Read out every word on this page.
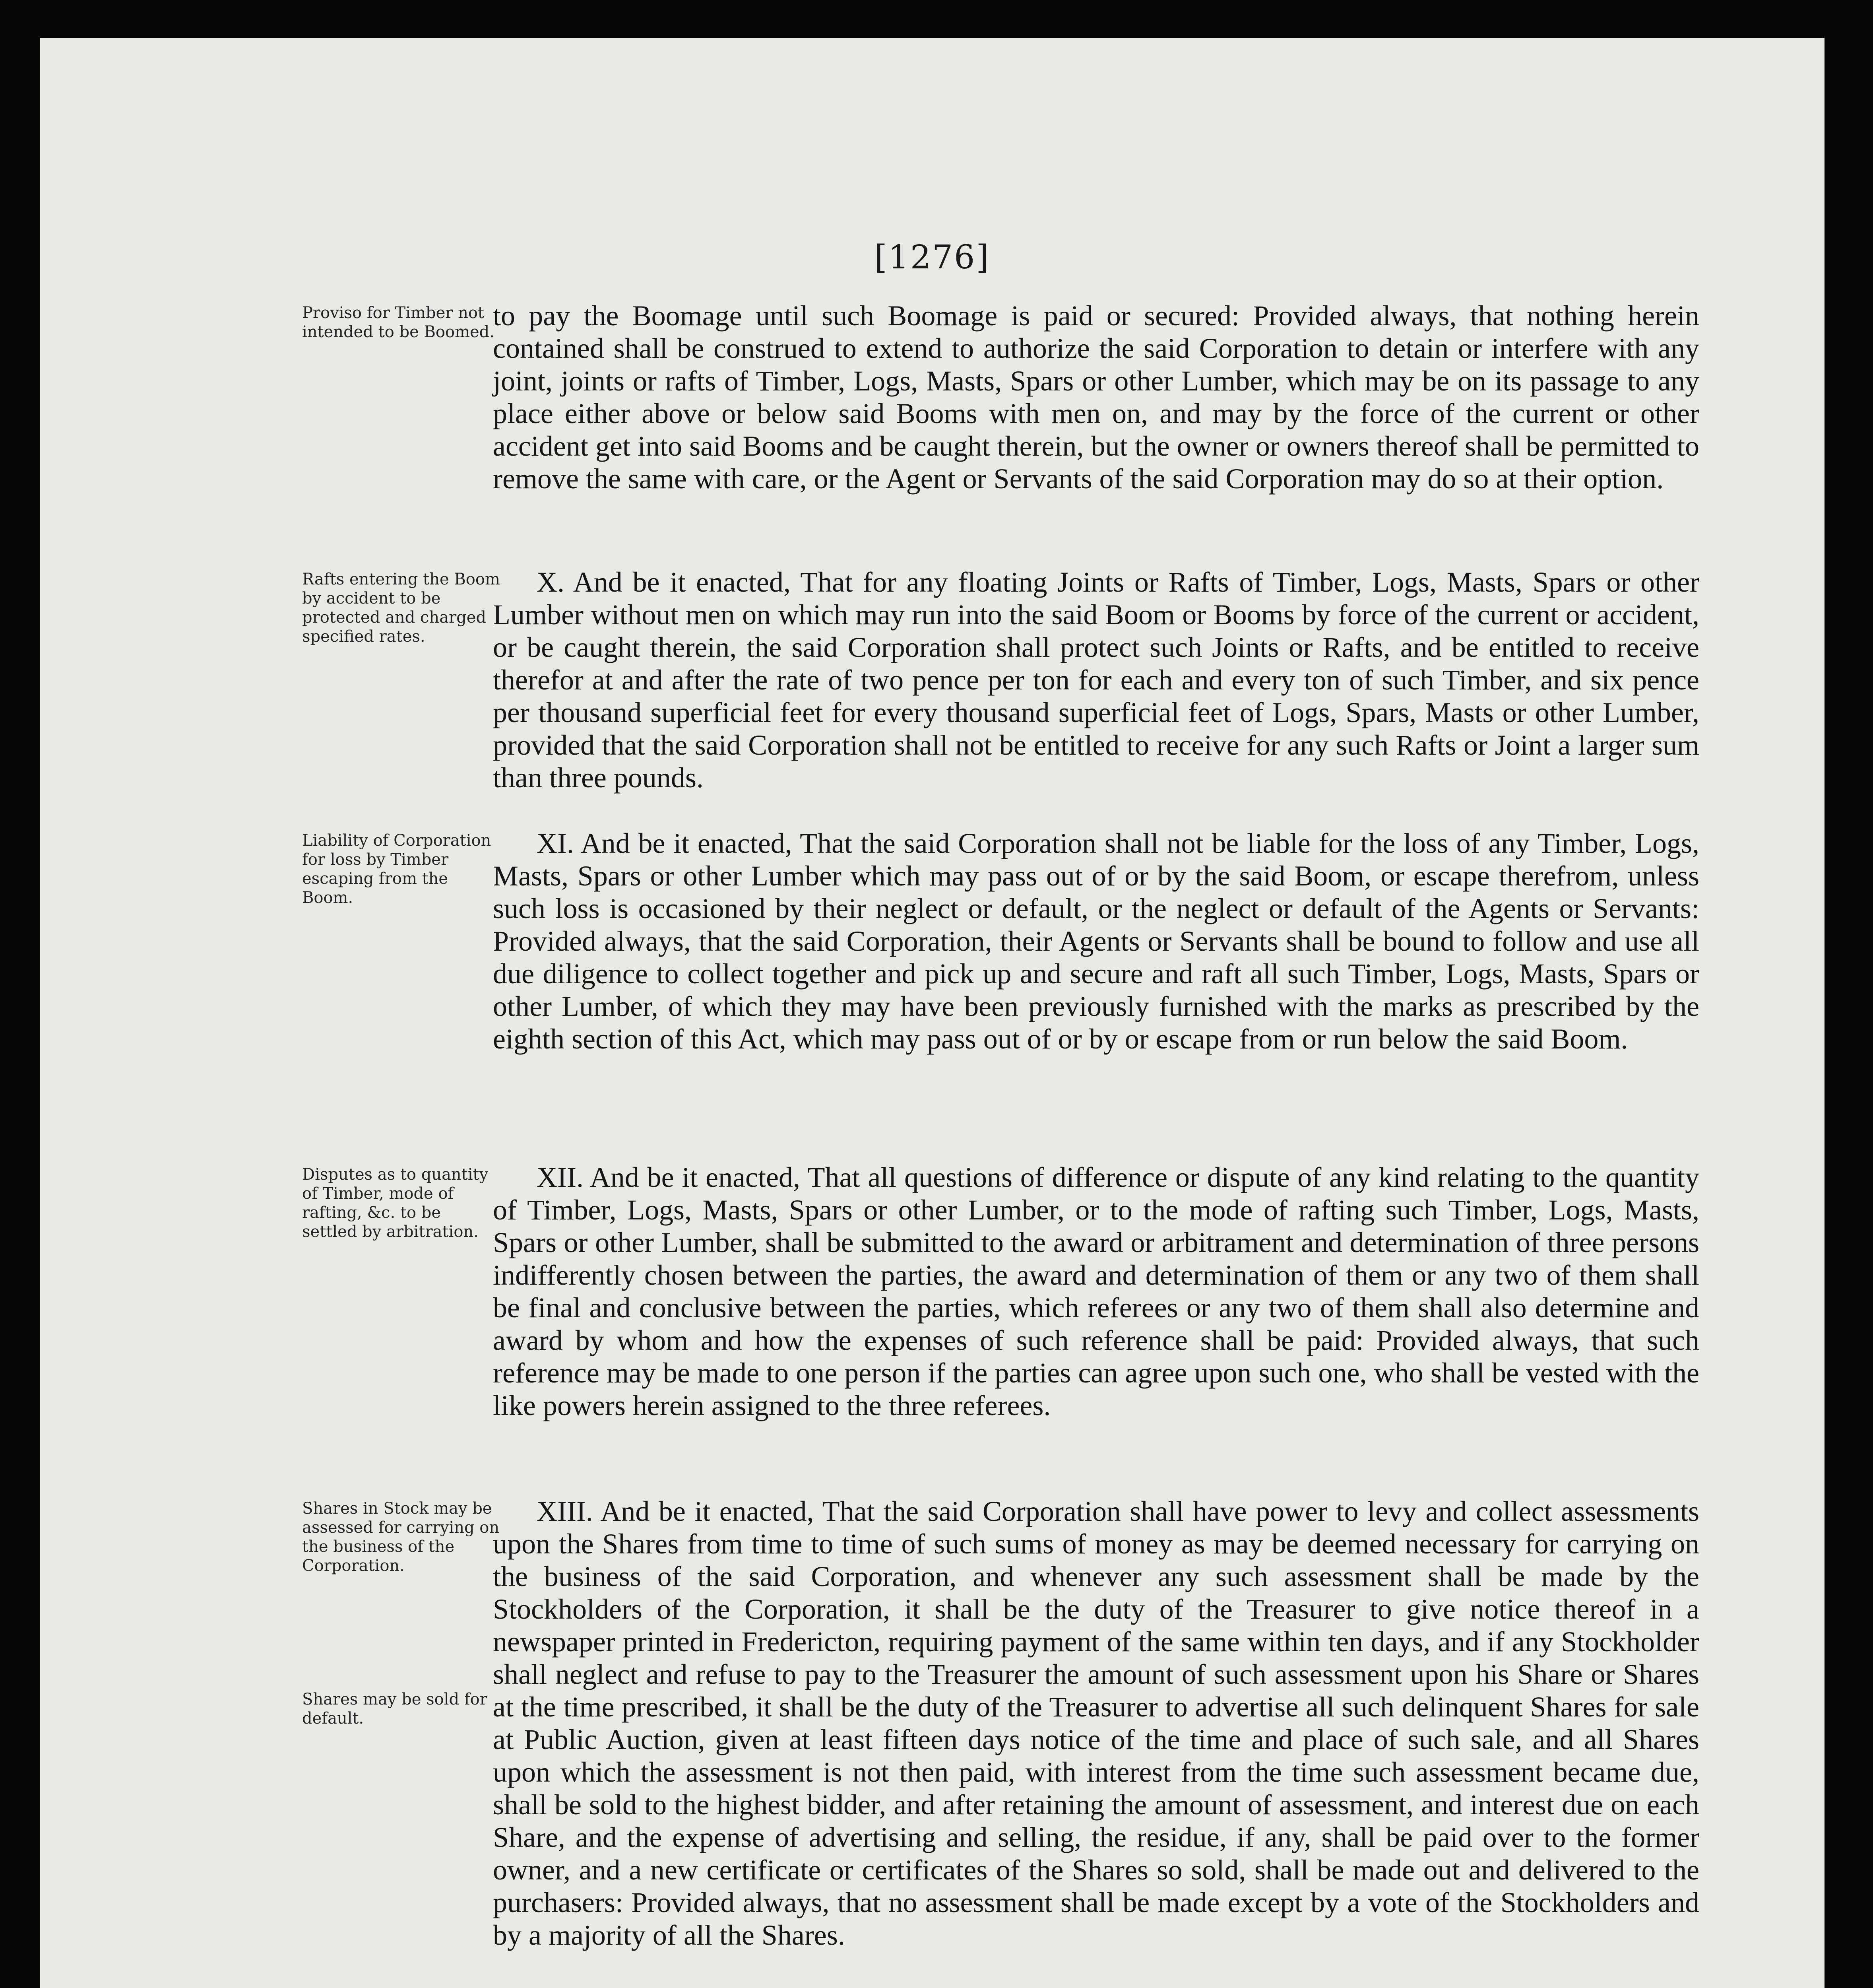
[1276]
Proviso for Timber not intended to be Boomed.

to pay the Boomage until such Boomage is paid or secured: Provided always, that nothing herein contained shall be construed to extend to authorize the said Corporation to detain or interfere with any joint, joints or rafts of Timber, Logs, Masts, Spars or other Lumber, which may be on its passage to any place either above or below said Booms with men on, and may by the force of the current or other accident get into said Booms and be caught therein, but the owner or owners thereof shall be permitted to remove the same with care, or the Agent or Servants of the said Corporation may do so at their option.

Rafts entering the Boom by accident to be protected and charged specified rates.

X. And be it enacted, That for any floating Joints or Rafts of Timber, Logs, Masts, Spars or other Lumber without men on which may run into the said Boom or Booms by force of the current or accident, or be caught therein, the said Corporation shall protect such Joints or Rafts, and be entitled to receive therefor at and after the rate of two pence per ton for each and every ton of such Timber, and six pence per thousand superficial feet for every thousand superficial feet of Logs, Spars, Masts or other Lumber, provided that the said Corporation shall not be entitled to receive for any such Rafts or Joint a larger sum than three pounds.

Liability of Corporation for loss by Timber escaping from the Boom.

XI. And be it enacted, That the said Corporation shall not be liable for the loss of any Timber, Logs, Masts, Spars or other Lumber which may pass out of or by the said Boom, or escape therefrom, unless such loss is occasioned by their neglect or default, or the neglect or default of the Agents or Servants: Provided always, that the said Corporation, their Agents or Servants shall be bound to follow and use all due diligence to collect together and pick up and secure and raft all such Timber, Logs, Masts, Spars or other Lumber, of which they may have been previously furnished with the marks as prescribed by the eighth section of this Act, which may pass out of or by or escape from or run below the said Boom.

Disputes as to quantity of Timber, mode of rafting, &c. to be settled by arbitration.

XII. And be it enacted, That all questions of difference or dispute of any kind relating to the quantity of Timber, Logs, Masts, Spars or other Lumber, or to the mode of rafting such Timber, Logs, Masts, Spars or other Lumber, shall be submitted to the award or arbitrament and determination of three persons indifferently chosen between the parties, the award and determination of them or any two of them shall be final and conclusive between the parties, which referees or any two of them shall also determine and award by whom and how the expenses of such reference shall be paid: Provided always, that such reference may be made to one person if the parties can agree upon such one, who shall be vested with the like powers herein assigned to the three referees.

Shares in Stock may be assessed for carrying on the business of the Corporation.
Shares may be sold for default.

XIII. And be it enacted, That the said Corporation shall have power to levy and collect assessments upon the Shares from time to time of such sums of money as may be deemed necessary for carrying on the business of the said Corporation, and whenever any such assessment shall be made by the Stockholders of the Corporation, it shall be the duty of the Treasurer to give notice thereof in a newspaper printed in Fredericton, requiring payment of the same within ten days, and if any Stockholder shall neglect and refuse to pay to the Treasurer the amount of such assessment upon his Share or Shares at the time prescribed, it shall be the duty of the Treasurer to advertise all such delinquent Shares for sale at Public Auction, given at least fifteen days notice of the time and place of such sale, and all Shares upon which the assessment is not then paid, with interest from the time such assessment became due, shall be sold to the highest bidder, and after retaining the amount of assessment, and interest due on each Share, and the expense of advertising and selling, the residue, if any, shall be paid over to the former owner, and a new certificate or certificates of the Shares so sold, shall be made out and delivered to the purchasers: Provided always, that no assessment shall be made except by a vote of the Stockholders and by a majority of all the Shares.
